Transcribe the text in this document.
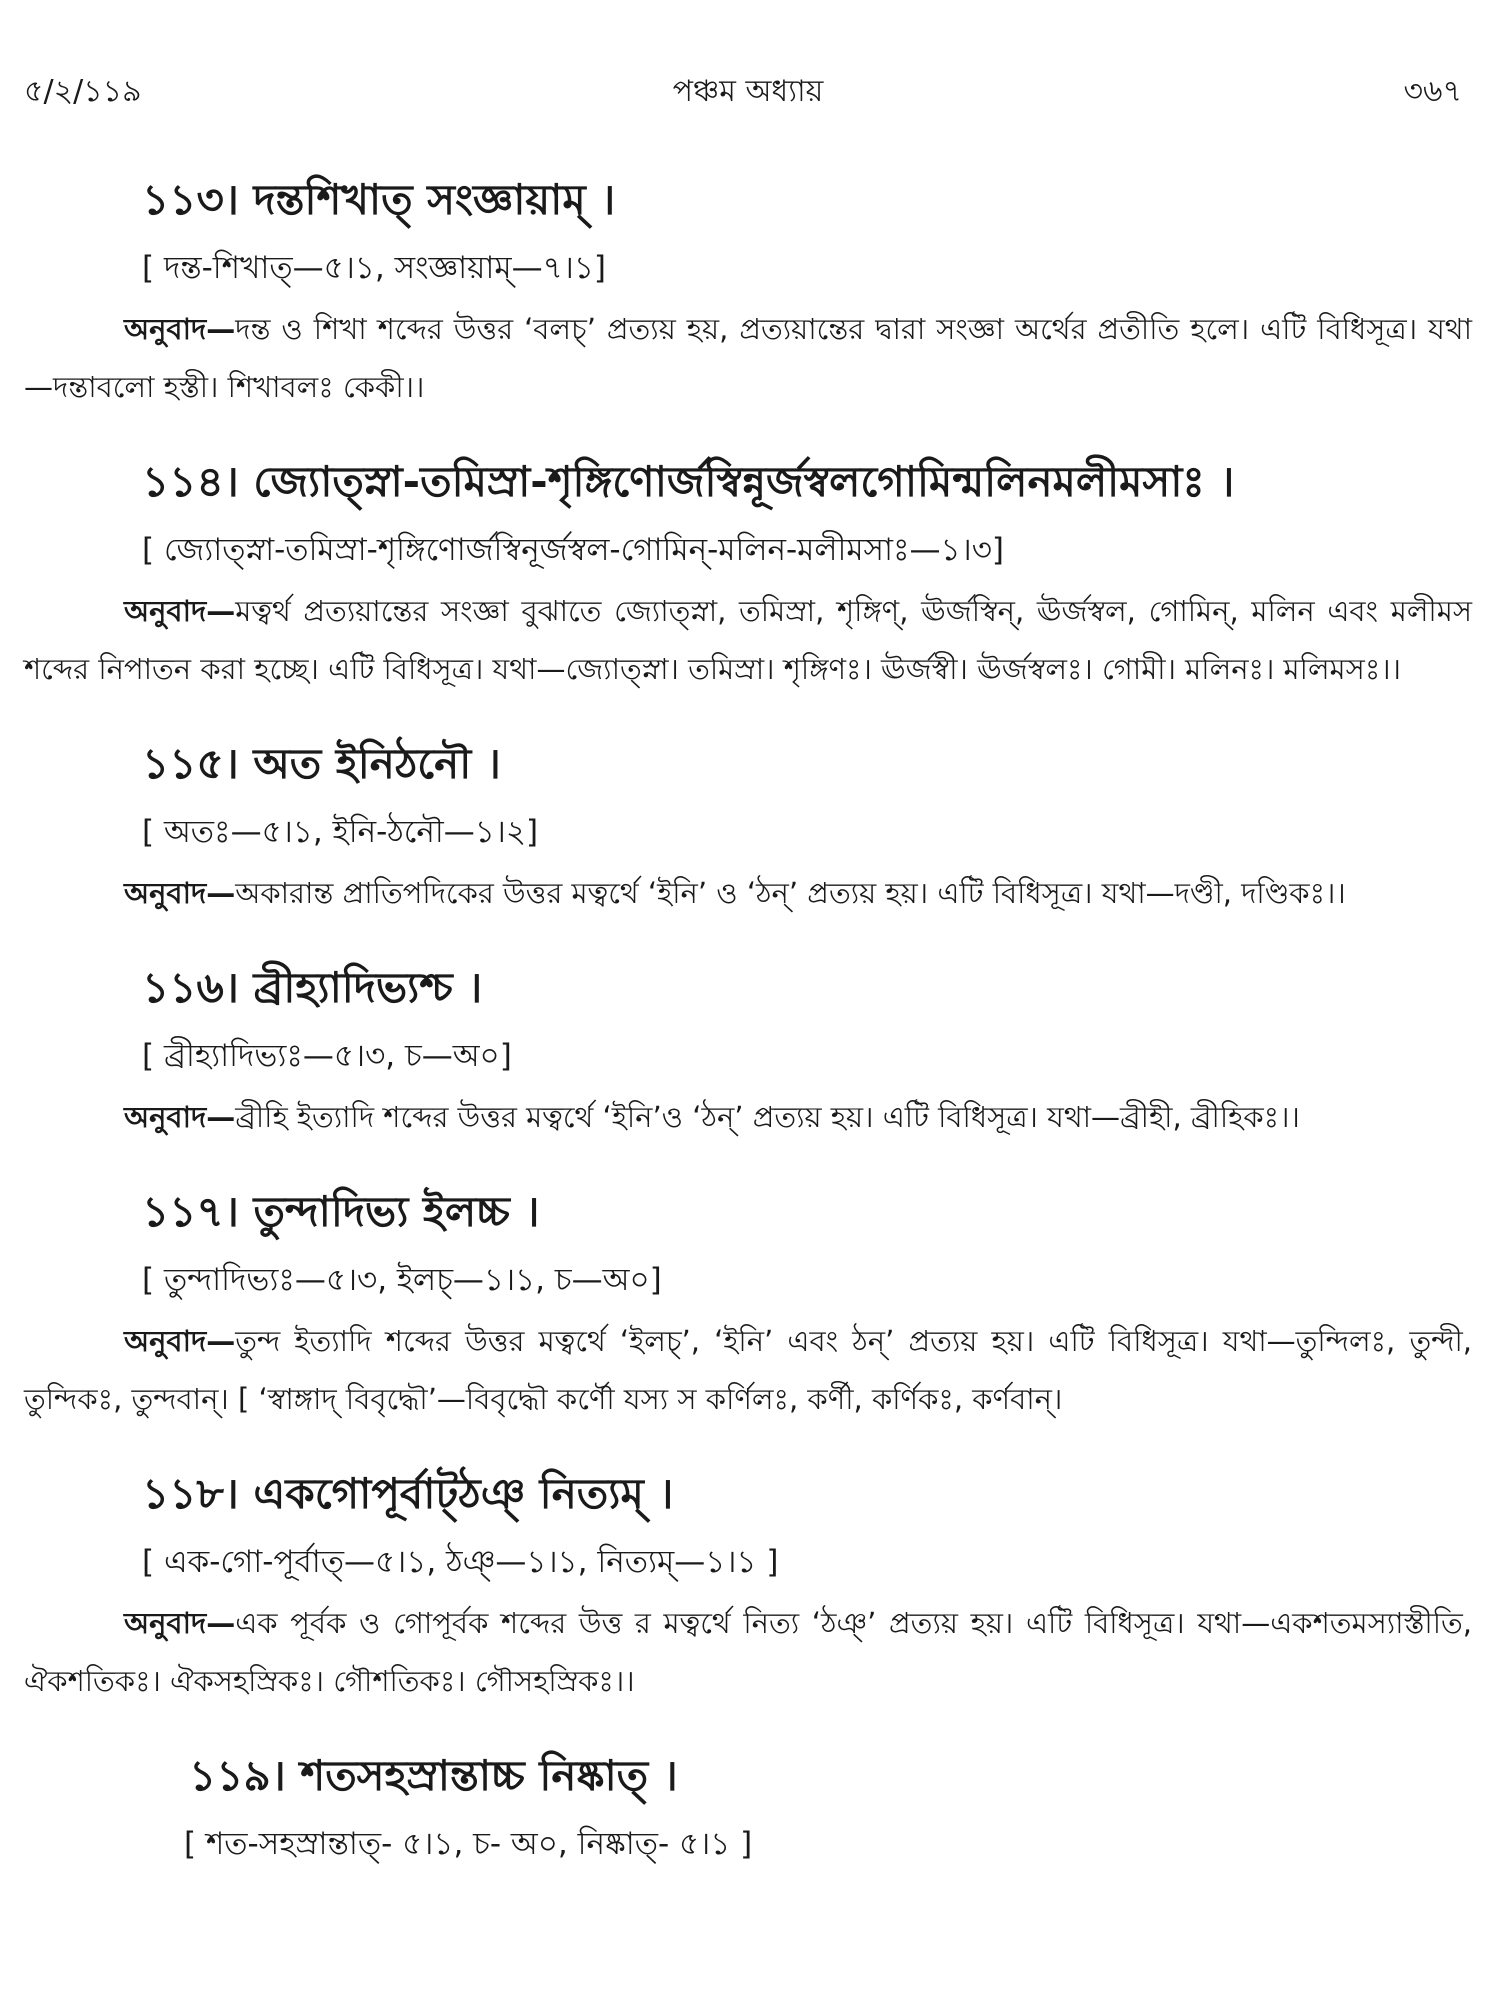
৫/২/১১৯	পঞ্চম অধ্যায়	৩৬৭
১১৩। দন্তশিখাত্ সংজ্ঞায়াম্ ।
[ দন্ত-শিখাত্—৫।১, সংজ্ঞায়াম্—৭।১]
অনুবাদ—দন্ত ও শিখা শব্দের উত্তর ‘বলচ্’ প্রত্যয় হয়, প্রত্যয়ান্তের দ্বারা সংজ্ঞা অর্থের প্রতীতি হলে। এটি বিধিসূত্র। যথা—দন্তাবলো হস্তী। শিখাবলঃ কেকী।।
১১৪। জ্যোত্স্না-তমিস্রা-শৃঙ্গিণোর্জস্বিন্নূর্জস্বলগোমিন্মলিনমলীমসাঃ ।
[ জ্যোত্স্না-তমিস্রা-শৃঙ্গিণোর্জস্বিনূর্জস্বল-গোমিন্-মলিন-মলীমসাঃ—১।৩]
অনুবাদ—মত্বর্থ প্রত্যয়ান্তের সংজ্ঞা বুঝাতে জ্যোত্স্না, তমিস্রা, শৃঙ্গিণ্, ঊর্জস্বিন্, ঊর্জস্বল, গোমিন্, মলিন এবং মলীমস শব্দের নিপাতন করা হচ্ছে। এটি বিধিসূত্র। যথা—জ্যোত্স্না। তমিস্রা। শৃঙ্গিণঃ। ঊর্জস্বী। ঊর্জস্বলঃ। গোমী। মলিনঃ। মলিমসঃ।।
১১৫। অত ইনিঠনৌ ।
[ অতঃ—৫।১, ইনি-ঠনৌ—১।২]
অনুবাদ—অকারান্ত প্রাতিপদিকের উত্তর মত্বর্থে ‘ইনি’ ও ‘ঠন্’ প্রত্যয় হয়। এটি বিধিসূত্র। যথা—দণ্ডী, দণ্ডিকঃ।।
১১৬। ব্রীহ্যাদিভ্যশ্চ ।
[ ব্রীহ্যাদিভ্যঃ—৫।৩, চ—অ০]
অনুবাদ—ব্রীহি ইত্যাদি শব্দের উত্তর মত্বর্থে ‘ইনি’ও ‘ঠন্’ প্রত্যয় হয়। এটি বিধিসূত্র। যথা—ব্রীহী, ব্রীহিকঃ।।
১১৭। তুন্দাদিভ্য ইলচ্চ ।
[ তুন্দাদিভ্যঃ—৫।৩, ইলচ্—১।১, চ—অ০]
অনুবাদ—তুন্দ ইত্যাদি শব্দের উত্তর মত্বর্থে ‘ইলচ্’, ‘ইনি’ এবং ঠন্’ প্রত্যয় হয়। এটি বিধিসূত্র। যথা—তুন্দিলঃ, তুন্দী, তুন্দিকঃ, তুন্দবান্। [ ‘স্বাঙ্গাদ্ বিবৃদ্ধৌ’—বিবৃদ্ধৌ কর্ণৌ যস্য স কর্ণিলঃ, কর্ণী, কর্ণিকঃ, কর্ণবান্।
১১৮। একগোপূর্বাট্ঠঞ্ নিত্যম্ ।
[ এক-গো-পূর্বাত্—৫।১, ঠঞ্—১।১, নিত্যম্—১।১ ]
অনুবাদ—এক পূর্বক ও গোপূর্বক শব্দের উত্ত র মত্বর্থে নিত্য ‘ঠঞ্’ প্রত্যয় হয়। এটি বিধিসূত্র। যথা—একশতমস্যাস্তীতি, ঐকশতিকঃ। ঐকসহস্রিকঃ। গৌশতিকঃ। গৌসহস্রিকঃ।।
১১৯। শতসহস্রান্তাচ্চ নিষ্কাত্ ।
[ শত-সহস্রান্তাত্- ৫।১, চ- অ০, নিষ্কাত্- ৫।১ ]
